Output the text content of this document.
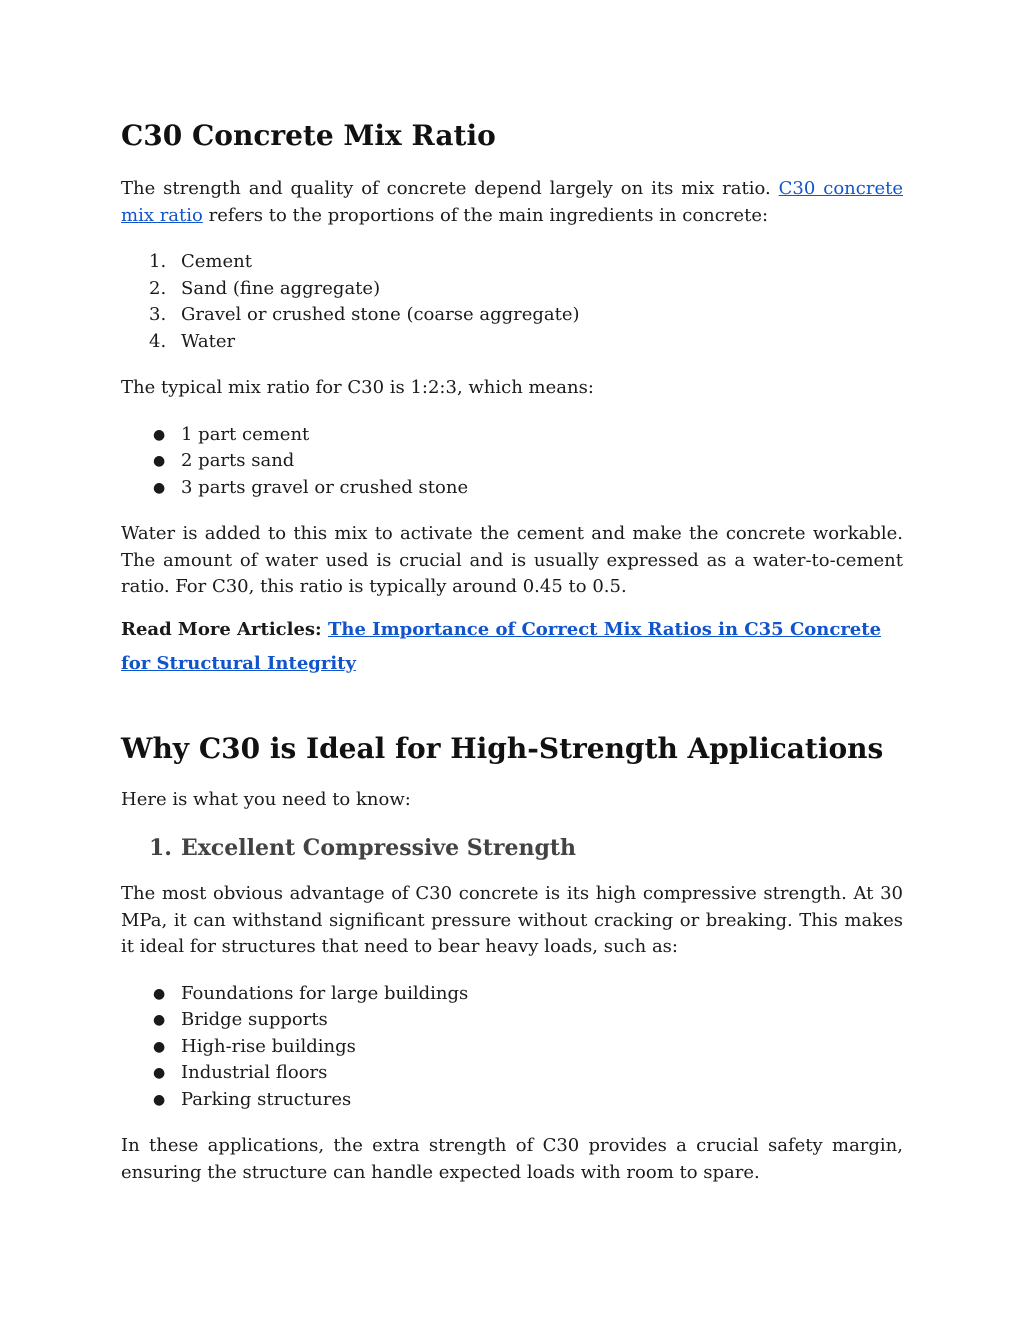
C30 Concrete Mix Ratio

The strength and quality of concrete depend largely on its mix ratio. C30 concrete mix ratio refers to the proportions of the main ingredients in concrete:

1. Cement
2. Sand (fine aggregate)
3. Gravel or crushed stone (coarse aggregate)
4. Water

The typical mix ratio for C30 is 1:2:3, which means:

● 1 part cement
● 2 parts sand
● 3 parts gravel or crushed stone

Water is added to this mix to activate the cement and make the concrete workable. The amount of water used is crucial and is usually expressed as a water-to-cement ratio. For C30, this ratio is typically around 0.45 to 0.5.

Read More Articles: The Importance of Correct Mix Ratios in C35 Concrete for Structural Integrity

Why C30 is Ideal for High-Strength Applications

Here is what you need to know:

1. Excellent Compressive Strength

The most obvious advantage of C30 concrete is its high compressive strength. At 30 MPa, it can withstand significant pressure without cracking or breaking. This makes it ideal for structures that need to bear heavy loads, such as:

● Foundations for large buildings
● Bridge supports
● High-rise buildings
● Industrial floors
● Parking structures

In these applications, the extra strength of C30 provides a crucial safety margin, ensuring the structure can handle expected loads with room to spare.
